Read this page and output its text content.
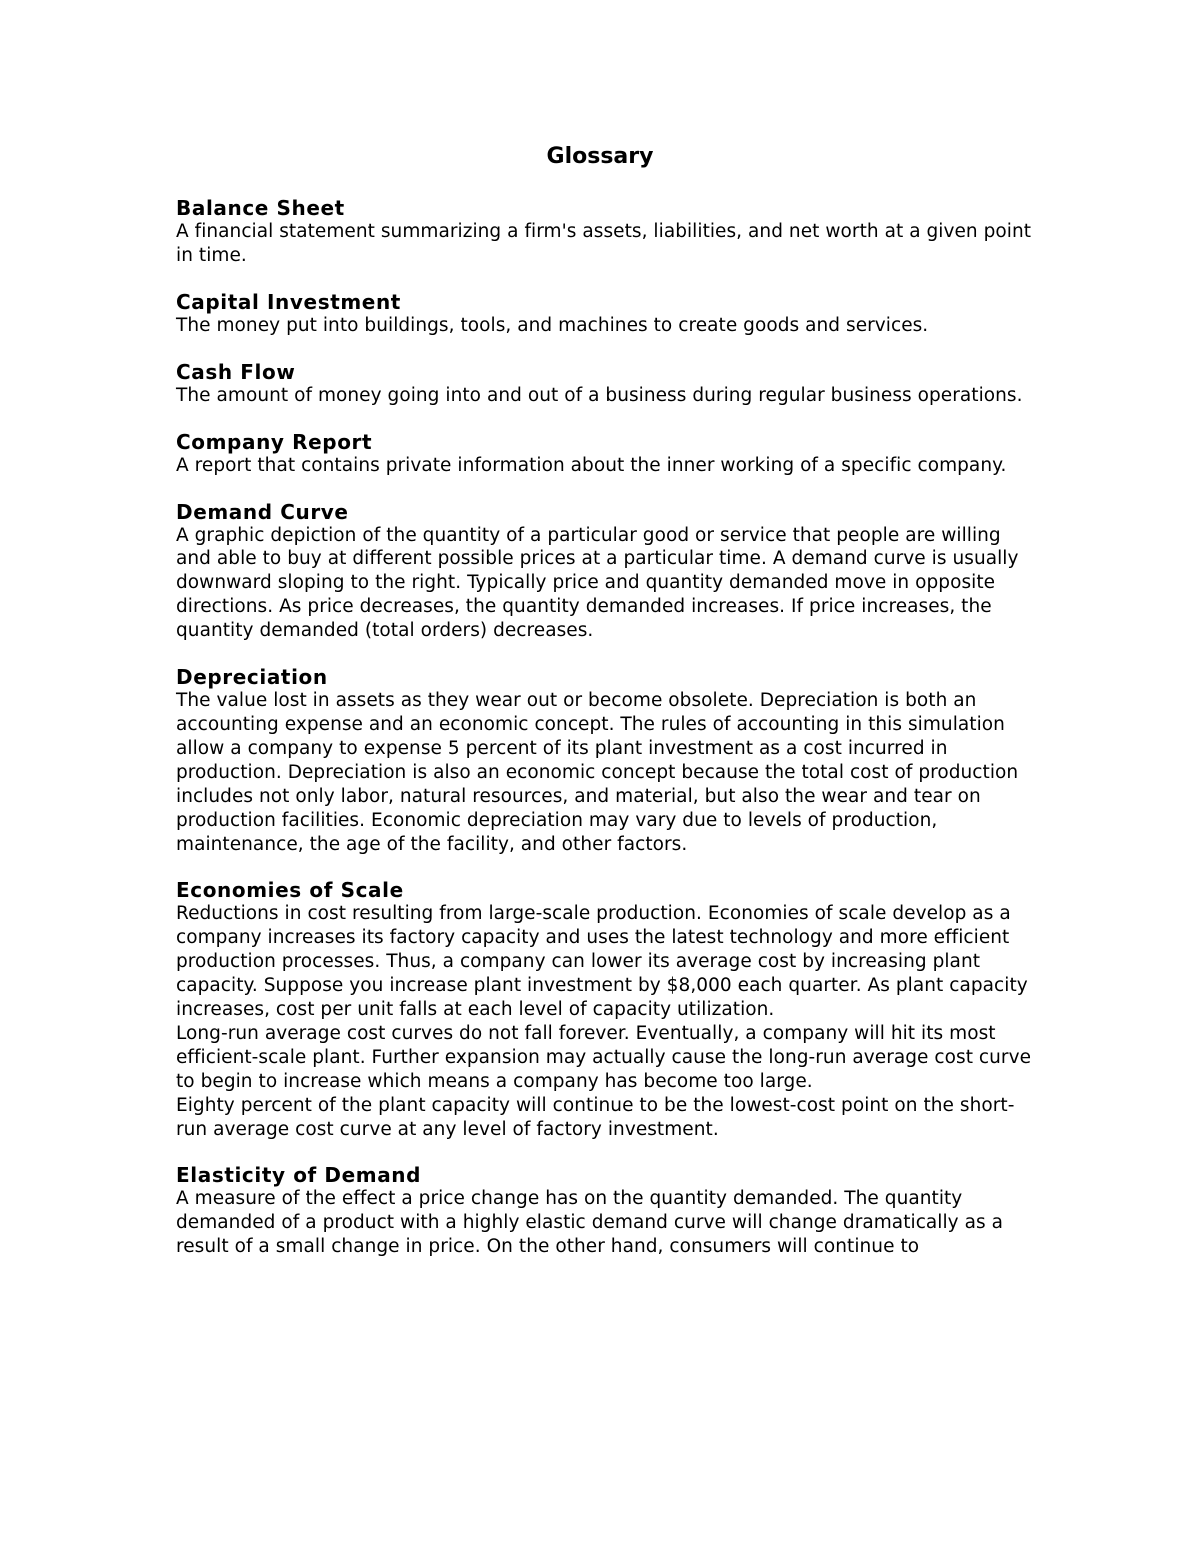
Glossary
Balance Sheet

A financial statement summarizing a firm's assets, liabilities, and net worth at a given point in time.

Capital Investment

The money put into buildings, tools, and machines to create goods and services.

Cash Flow

The amount of money going into and out of a business during regular business operations.

Company Report

A report that contains private information about the inner working of a specific company.

Demand Curve

A graphic depiction of the quantity of a particular good or service that people are willing and able to buy at different possible prices at a particular time. A demand curve is usually downward sloping to the right. Typically price and quantity demanded move in opposite directions. As price decreases, the quantity demanded increases. If price increases, the quantity demanded (total orders) decreases.

Depreciation

The value lost in assets as they wear out or become obsolete. Depreciation is both an accounting expense and an economic concept. The rules of accounting in this simulation allow a company to expense 5 percent of its plant investment as a cost incurred in production. Depreciation is also an economic concept because the total cost of production includes not only labor, natural resources, and material, but also the wear and tear on production facilities. Economic depreciation may vary due to levels of production, maintenance, the age of the facility, and other factors.

Economies of Scale

Reductions in cost resulting from large-scale production. Economies of scale develop as a company increases its factory capacity and uses the latest technology and more efficient production processes. Thus, a company can lower its average cost by increasing plant capacity. Suppose you increase plant investment by $8,000 each quarter. As plant capacity increases, cost per unit falls at each level of capacity utilization.

Long-run average cost curves do not fall forever. Eventually, a company will hit its most efficient-scale plant. Further expansion may actually cause the long-run average cost curve to begin to increase which means a company has become too large.

Eighty percent of the plant capacity will continue to be the lowest-cost point on the short- run average cost curve at any level of factory investment.

Elasticity of Demand

A measure of the effect a price change has on the quantity demanded. The quantity demanded of a product with a highly elastic demand curve will change dramatically as a result of a small change in price. On the other hand, consumers will continue to
